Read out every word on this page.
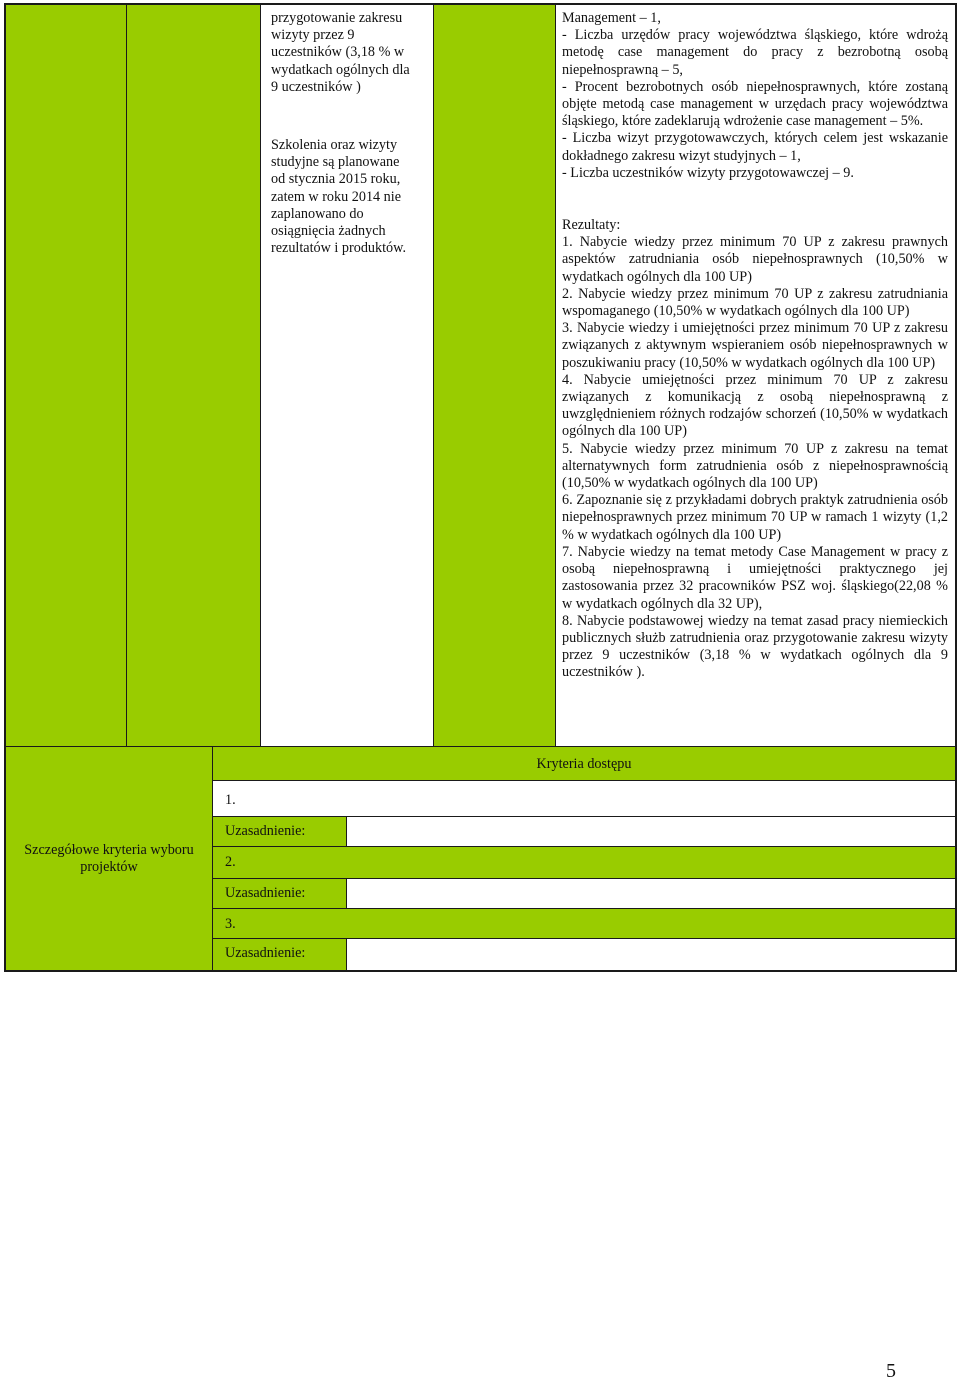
przygotowanie zakresu

wizyty przez 9

uczestników (3,18 % w

wydatkach ogólnych dla

9 uczestników )

Szkolenia oraz wizyty

studyjne są planowane

od stycznia 2015 roku,

zatem w roku 2014 nie

zaplanowano do

osiągnięcia żadnych

rezultatów i produktów.

Management – 1,

- Liczba urzędów pracy województwa śląskiego, które wdrożą metodę case management do pracy z bezrobotną osobą niepełnosprawną – 5,

- Procent bezrobotnych osób niepełnosprawnych, które zostaną objęte metodą case management w urzędach pracy województwa śląskiego, które zadeklarują wdrożenie case management – 5%.

- Liczba wizyt przygotowawczych, których celem jest wskazanie dokładnego zakresu wizyt studyjnych – 1,

- Liczba uczestników wizyty przygotowawczej – 9.

Rezultaty:

1. Nabycie wiedzy przez minimum 70 UP z zakresu prawnych aspektów zatrudniania osób niepełnosprawnych (10,50% w wydatkach ogólnych dla 100 UP)

2. Nabycie wiedzy przez minimum 70 UP z zakresu zatrudniania wspomaganego (10,50% w wydatkach ogólnych dla 100 UP)

3. Nabycie wiedzy i umiejętności przez minimum 70 UP z zakresu związanych z aktywnym wspieraniem osób niepełnosprawnych w poszukiwaniu pracy (10,50% w wydatkach ogólnych dla 100 UP)

4. Nabycie umiejętności przez minimum 70 UP z zakresu związanych z komunikacją z osobą niepełnosprawną z uwzględnieniem różnych rodzajów schorzeń (10,50% w wydatkach ogólnych dla 100 UP)

5. Nabycie wiedzy przez minimum 70 UP z zakresu na temat alternatywnych form zatrudnienia osób z niepełnosprawnością (10,50% w wydatkach ogólnych dla 100 UP)

6. Zapoznanie się z przykładami dobrych praktyk zatrudnienia osób niepełnosprawnych przez minimum 70 UP w ramach 1 wizyty (1,2 % w wydatkach ogólnych dla 100 UP)

7. Nabycie wiedzy na temat metody Case Management w pracy z osobą niepełnosprawną i umiejętności praktycznego jej zastosowania przez 32 pracowników PSZ woj. śląskiego(22,08 % w wydatkach ogólnych dla 32 UP),

8. Nabycie podstawowej wiedzy na temat zasad pracy niemieckich publicznych służb zatrudnienia oraz przygotowanie zakresu wizyty przez 9 uczestników (3,18 % w wydatkach ogólnych dla 9 uczestników ).

Szczegółowe kryteria wyboru projektów
Kryteria dostępu
1.
Uzasadnienie:
2.
Uzasadnienie:
3.
Uzasadnienie:
5
